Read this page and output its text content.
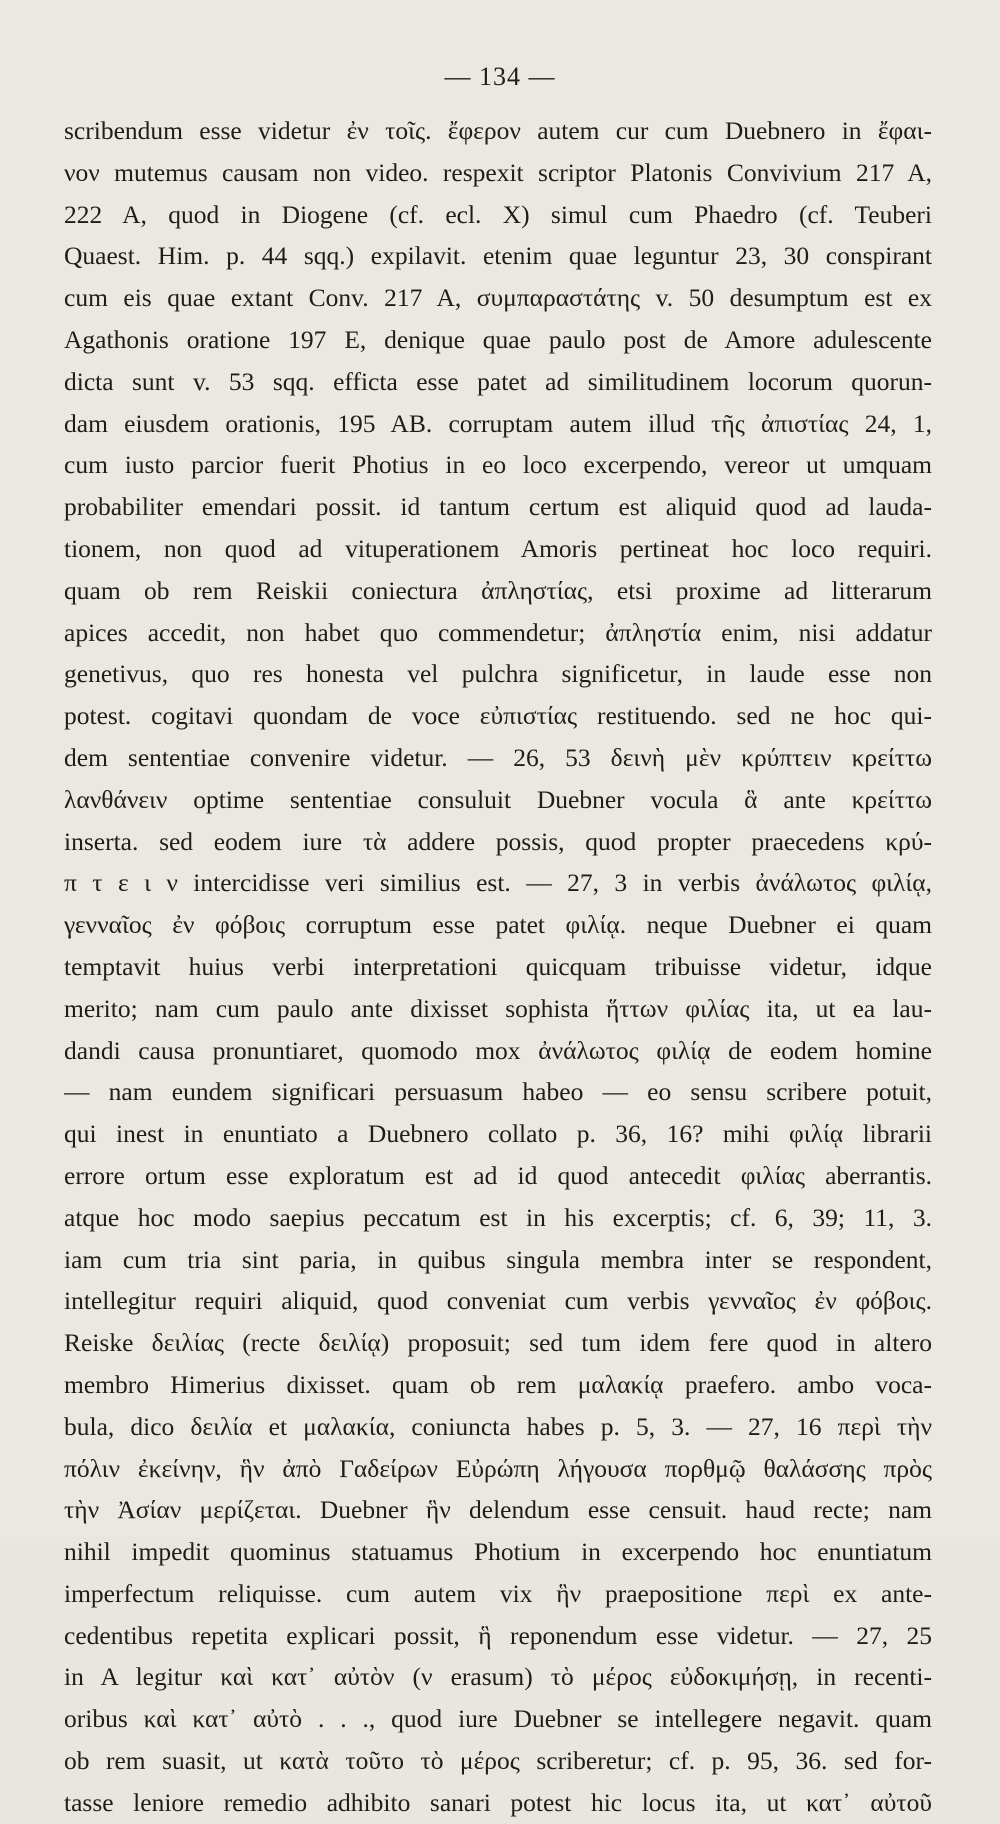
— 134 —
scribendum esse videtur ἐν τοῖς. ἔφερον autem cur cum Duebnero in ἔφαι-
νον mutemus causam non video. respexit scriptor Platonis Convivium 217 A,
222 A, quod in Diogene (cf. ecl. X) simul cum Phaedro (cf. Teuberi
Quaest. Him. p. 44 sqq.) expilavit. etenim quae leguntur 23, 30 conspirant
cum eis quae extant Conv. 217 A, συμπαραστάτης v. 50 desumptum est ex
Agathonis oratione 197 E, denique quae paulo post de Amore adulescente
dicta sunt v. 53 sqq. efficta esse patet ad similitudinem locorum quorun-
dam eiusdem orationis, 195 AB. corruptam autem illud τῆς ἀπιστίας 24, 1,
cum iusto parcior fuerit Photius in eo loco excerpendo, vereor ut umquam
probabiliter emendari possit. id tantum certum est aliquid quod ad lauda-
tionem, non quod ad vituperationem Amoris pertineat hoc loco requiri.
quam ob rem Reiskii coniectura ἀπληστίας, etsi proxime ad litterarum
apices accedit, non habet quo commendetur; ἀπληστία enim, nisi addatur
genetivus, quo res honesta vel pulchra significetur, in laude esse non
potest. cogitavi quondam de voce εὐπιστίας restituendo. sed ne hoc qui-
dem sententiae convenire videtur. — 26, 53 δεινὴ μὲν κρύπτειν κρείττω
λανθάνειν optime sententiae consuluit Duebner vocula ἃ ante κρείττω
inserta. sed eodem iure τὰ addere possis, quod propter praecedens κρύ-
π τ ε ι ν intercidisse veri similius est. — 27, 3 in verbis ἀνάλωτος φιλίᾳ,
γενναῖος ἐν φόβοις corruptum esse patet φιλίᾳ. neque Duebner ei quam
temptavit huius verbi interpretationi quicquam tribuisse videtur, idque
merito; nam cum paulo ante dixisset sophista ἥττων φιλίας ita, ut ea lau-
dandi causa pronuntiaret, quomodo mox ἀνάλωτος φιλίᾳ de eodem homine
— nam eundem significari persuasum habeo — eo sensu scribere potuit,
qui inest in enuntiato a Duebnero collato p. 36, 16? mihi φιλίᾳ librarii
errore ortum esse exploratum est ad id quod antecedit φιλίας aberrantis.
atque hoc modo saepius peccatum est in his excerptis; cf. 6, 39; 11, 3.
iam cum tria sint paria, in quibus singula membra inter se respondent,
intellegitur requiri aliquid, quod conveniat cum verbis γενναῖος ἐν φόβοις.
Reiske δειλίας (recte δειλίᾳ) proposuit; sed tum idem fere quod in altero
membro Himerius dixisset. quam ob rem μαλακίᾳ praefero. ambo voca-
bula, dico δειλία et μαλακία, coniuncta habes p. 5, 3. — 27, 16 περὶ τὴν
πόλιν ἐκείνην, ἣν ἀπὸ Γαδείρων Εὐρώπη λήγουσα πορθμῷ θαλάσσης πρὸς
τὴν Ἀσίαν μερίζεται. Duebner ἣν delendum esse censuit. haud recte; nam
nihil impedit quominus statuamus Photium in excerpendo hoc enuntiatum
imperfectum reliquisse. cum autem vix ἣν praepositione περὶ ex ante-
cedentibus repetita explicari possit, ἣ reponendum esse videtur. — 27, 25
in A legitur καὶ κατ᾽ αὐτὸν (ν erasum) τὸ μέρος εὐδοκιμήσῃ, in recenti-
oribus καὶ κατ᾽ αὐτὸ . . ., quod iure Duebner se intellegere negavit. quam
ob rem suasit, ut κατὰ τοῦτο τὸ μέρος scriberetur; cf. p. 95, 36. sed for-
tasse leniore remedio adhibito sanari potest hic locus ita, ut κατ᾽ αὐτοῦ
